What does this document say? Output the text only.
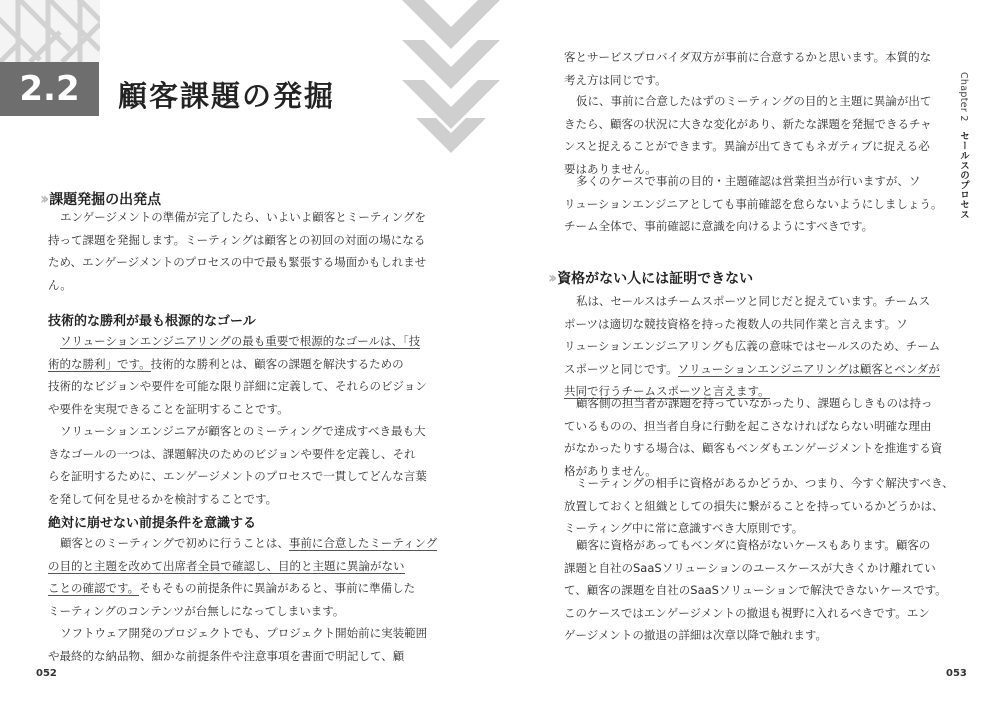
2.2	顧客課題の発掘
›› 課題発掘の出発点
エンゲージメントの準備が完了したら、いよいよ顧客とミーティングを
持って課題を発掘します。ミーティングは顧客との初回の対面の場になる
ため、エンゲージメントのプロセスの中で最も緊張する場面かもしれませ
ん。
技術的な勝利が最も根源的なゴール
ソリューションエンジニアリングの最も重要で根源的なゴールは、「技
術的な勝利」です。技術的な勝利とは、顧客の課題を解決するための
技術的なビジョンや要件を可能な限り詳細に定義して、それらのビジョン
や要件を実現できることを証明することです。
ソリューションエンジニアが顧客とのミーティングで達成すべき最も大
きなゴールの一つは、課題解決のためのビジョンや要件を定義し、それ
らを証明するために、エンゲージメントのプロセスで一貫してどんな言葉
を発して何を見せるかを検討することです。
絶対に崩せない前提条件を意識する
顧客とのミーティングで初めに行うことは、事前に合意したミーティング
の目的と主題を改めて出席者全員で確認し、目的と主題に異論がない
ことの確認です。そもそもの前提条件に異論があると、事前に準備した
ミーティングのコンテンツが台無しになってしまいます。
ソフトウェア開発のプロジェクトでも、プロジェクト開始前に実装範囲
や最終的な納品物、細かな前提条件や注意事項を書面で明記して、顧
052
客とサービスプロバイダ双方が事前に合意するかと思います。本質的な
考え方は同じです。
仮に、事前に合意したはずのミーティングの目的と主題に異論が出て
きたら、顧客の状況に大きな変化があり、新たな課題を発掘できるチャ
ンスと捉えることができます。異論が出てきてもネガティブに捉える必
要はありません。
多くのケースで事前の目的・主題確認は営業担当が行いますが、ソ
リューションエンジニアとしても事前確認を怠らないようにしましょう。
チーム全体で、事前確認に意識を向けるようにすべきです。
›› 資格がない人には証明できない
私は、セールスはチームスポーツと同じだと捉えています。チームス
ポーツは適切な競技資格を持った複数人の共同作業と言えます。ソ
リューションエンジニアリングも広義の意味ではセールスのため、チーム
スポーツと同じです。ソリューションエンジニアリングは顧客とベンダが
共同で行うチームスポーツと言えます。
顧客側の担当者が課題を持っていなかったり、課題らしきものは持っ
ているものの、担当者自身に行動を起こさなければならない明確な理由
がなかったりする場合は、顧客もベンダもエンゲージメントを推進する資
格がありません。
ミーティングの相手に資格があるかどうか、つまり、今すぐ解決すべき、
放置しておくと組織としての損失に繋がることを持っているかどうかは、
ミーティング中に常に意識すべき大原則です。
顧客に資格があってもベンダに資格がないケースもあります。顧客の
課題と自社のSaaSソリューションのユースケースが大きくかけ離れてい
て、顧客の課題を自社のSaaSソリューションで解決できないケースです。
このケースではエンゲージメントの撤退も視野に入れるべきです。エン
ゲージメントの撤退の詳細は次章以降で触れます。
053
Chapter 2 セールスのプロセス
